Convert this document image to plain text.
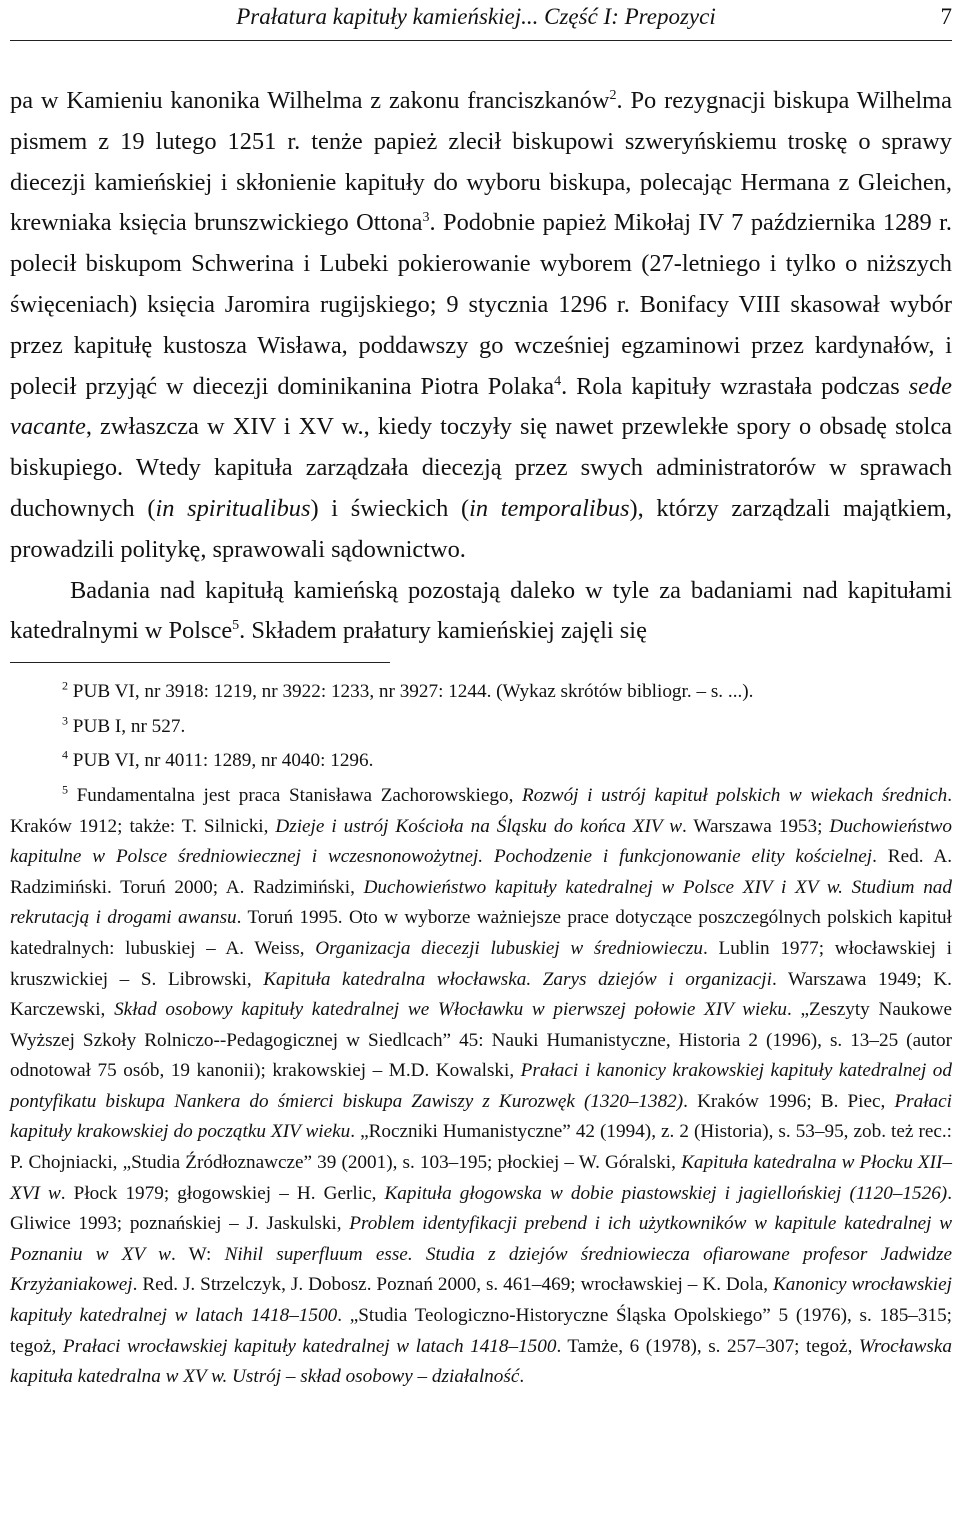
Prałatura kapituły kamieńskiej... Część I: Prepozyci	7

pa w Kamieniu kanonika Wilhelma z zakonu franciszkanów$^2$. Po rezygnacji biskupa Wilhelma pismem z 19 lutego 1251 r. tenże papież zlecił biskupowi szweryńskiemu troskę o sprawy diecezji kamieńskiej i skłonienie kapituły do wyboru biskupa, polecając Hermana z Gleichen, krewniaka księcia brunszwickiego Ottona$^3$. Podobnie papież Mikołaj IV 7 października 1289 r. polecił biskupom Schwerina i Lubeki pokierowanie wyborem (27-letniego i tylko o niższych święceniach) księcia Jaromira rugijskiego; 9 stycznia 1296 r. Bonifacy VIII skasował wybór przez kapitułę kustosza Wisława, poddawszy go wcześniej egzaminowi przez kardynałów, i polecił przyjąć w diecezji dominikanina Piotra Polaka$^4$. Rola kapituły wzrastała podczas sede vacante, zwłaszcza w XIV i XV w., kiedy toczyły się nawet przewlekłe spory o obsadę stolca biskupiego. Wtedy kapituła zarządzała diecezją przez swych administratorów w sprawach duchownych (in spiritualibus) i świeckich (in temporalibus), którzy zarządzali majątkiem, prowadzili politykę, sprawowali sądownictwo.

Badania nad kapitułą kamieńską pozostają daleko w tyle za badaniami nad kapitułami katedralnymi w Polsce$^5$. Składem prałatury kamieńskiej zajęli się

$^2$ PUB VI, nr 3918: 1219, nr 3922: 1233, nr 3927: 1244. (Wykaz skrótów bibliogr. – s. ...).

$^3$ PUB I, nr 527.

$^4$ PUB VI, nr 4011: 1289, nr 4040: 1296.

$^5$ Fundamentalna jest praca Stanisława Zachorowskiego, Rozwój i ustrój kapituł polskich w wiekach średnich. Kraków 1912; także: T. Silnicki, Dzieje i ustrój Kościoła na Śląsku do końca XIV w. Warszawa 1953; Duchowieństwo kapitulne w Polsce średniowiecznej i wczesnonowożytnej. Pochodzenie i funkcjonowanie elity kościelnej. Red. A. Radzimiński. Toruń 2000; A. Radzimiński, Duchowieństwo kapituły katedralnej w Polsce XIV i XV w. Studium nad rekrutacją i drogami awansu. Toruń 1995. Oto w wyborze ważniejsze prace dotyczące poszczególnych polskich kapituł katedralnych: lubuskiej – A. Weiss, Organizacja diecezji lubuskiej w średniowieczu. Lublin 1977; włocławskiej i kruszwickiej – S. Librowski, Kapituła katedralna włocławska. Zarys dziejów i organizacji. Warszawa 1949; K. Karczewski, Skład osobowy kapituły katedralnej we Włocławku w pierwszej połowie XIV wieku. „Zeszyty Naukowe Wyższej Szkoły Rolniczo--Pedagogicznej w Siedlcach” 45: Nauki Humanistyczne, Historia 2 (1996), s. 13–25 (autor odnotował 75 osób, 19 kanonii); krakowskiej – M.D. Kowalski, Prałaci i kanonicy krakowskiej kapituły katedralnej od pontyfikatu biskupa Nankera do śmierci biskupa Zawiszy z Kurozwęk (1320–1382). Kraków 1996; B. Piec, Prałaci kapituły krakowskiej do początku XIV wieku. „Roczniki Humanistyczne” 42 (1994), z. 2 (Historia), s. 53–95, zob. też rec.: P. Chojniacki, „Studia Źródłoznawcze” 39 (2001), s. 103–195; płockiej – W. Góralski, Kapituła katedralna w Płocku XII–XVI w. Płock 1979; głogowskiej – H. Gerlic, Kapituła głogowska w dobie piastowskiej i jagiellońskiej (1120–1526). Gliwice 1993; poznańskiej – J. Jaskulski, Problem identyfikacji prebend i ich użytkowników w kapitule katedralnej w Poznaniu w XV w. W: Nihil superfluum esse. Studia z dziejów średniowiecza ofiarowane profesor Jadwidze Krzyżaniakowej. Red. J. Strzelczyk, J. Dobosz. Poznań 2000, s. 461–469; wrocławskiej – K. Dola, Kanonicy wrocławskiej kapituły katedralnej w latach 1418–1500. „Studia Teologiczno-Historyczne Śląska Opolskiego” 5 (1976), s. 185–315; tegoż, Prałaci wrocławskiej kapituły katedralnej w latach 1418–1500. Tamże, 6 (1978), s. 257–307; tegoż, Wrocławska kapituła katedralna w XV w. Ustrój – skład osobowy – działalność.
